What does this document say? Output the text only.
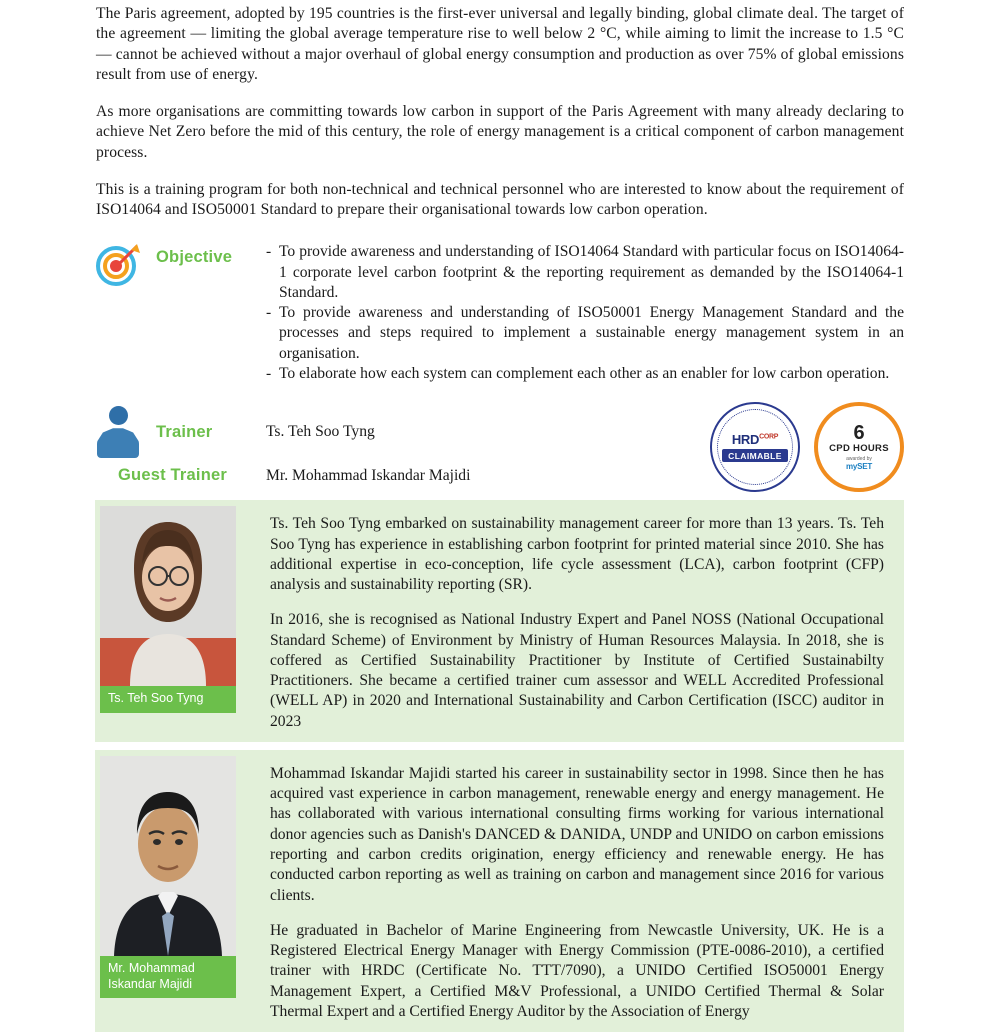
The Paris agreement, adopted by 195 countries is the first-ever universal and legally binding, global climate deal. The target of the agreement — limiting the global average temperature rise to well below 2 °C, while aiming to limit the increase to 1.5 °C — cannot be achieved without a major overhaul of global energy consumption and production as over 75% of global emissions result from use of energy.

As more organisations are committing towards low carbon in support of the Paris Agreement with many already declaring to achieve Net Zero before the mid of this century, the role of energy management is a critical component of carbon management process.

This is a training program for both non-technical and technical personnel who are interested to know about the requirement of ISO14064 and ISO50001 Standard to prepare their organisational towards low carbon operation.

Objective	- To provide awareness and understanding of ISO14064 Standard with particular focus on ISO14064-1 corporate level carbon footprint & the reporting requirement as demanded by the ISO14064-1 Standard.
- To provide awareness and understanding of ISO50001 Energy Management Standard and the processes and steps required to implement a sustainable energy management system in an organisation.
- To elaborate how each system can complement each other as an enabler for low carbon operation.
Trainer	Ts. Teh Soo Tyng
Guest Trainer	Mr. Mohammad Iskandar Majidi
$HRD^{CORP}$
CLAIMABLE
6
CPD HOURS
awarded by
mySET
Ts. Teh Soo Tyng

Ts. Teh Soo Tyng embarked on sustainability management career for more than 13 years. Ts. Teh Soo Tyng has experience in establishing carbon footprint for printed material since 2010. She has additional expertise in eco-conception, life cycle assessment (LCA), carbon footprint (CFP) analysis and sustainability reporting (SR).

In 2016, she is recognised as National Industry Expert and Panel NOSS (National Occupational Standard Scheme) of Environment by Ministry of Human Resources Malaysia. In 2018, she is coffered as Certified Sustainability Practitioner by Institute of Certified Sustainabilty Practitioners. She became a certified trainer cum assessor and WELL Accredited Professional (WELL AP) in 2020 and International Sustainability and Carbon Certification (ISCC) auditor in 2023

Mr. Mohammad Iskandar Majidi

Mohammad Iskandar Majidi started his career in sustainability sector in 1998. Since then he has acquired vast experience in carbon management, renewable energy and energy management. He has collaborated with various international consulting firms working for various international donor agencies such as Danish's DANCED & DANIDA, UNDP and UNIDO on carbon emissions reporting and carbon credits origination, energy efficiency and renewable energy. He has conducted carbon reporting as well as training on carbon and management since 2016 for various clients.

He graduated in Bachelor of Marine Engineering from Newcastle University, UK. He is a Registered Electrical Energy Manager with Energy Commission (PTE-0086-2010), a certified trainer with HRDC (Certificate No. TTT/7090), a UNIDO Certified ISO50001 Energy Management Expert, a Certified M&V Professional, a UNIDO Certified Thermal & Solar Thermal Expert and a Certified Energy Auditor by the Association of Energy
